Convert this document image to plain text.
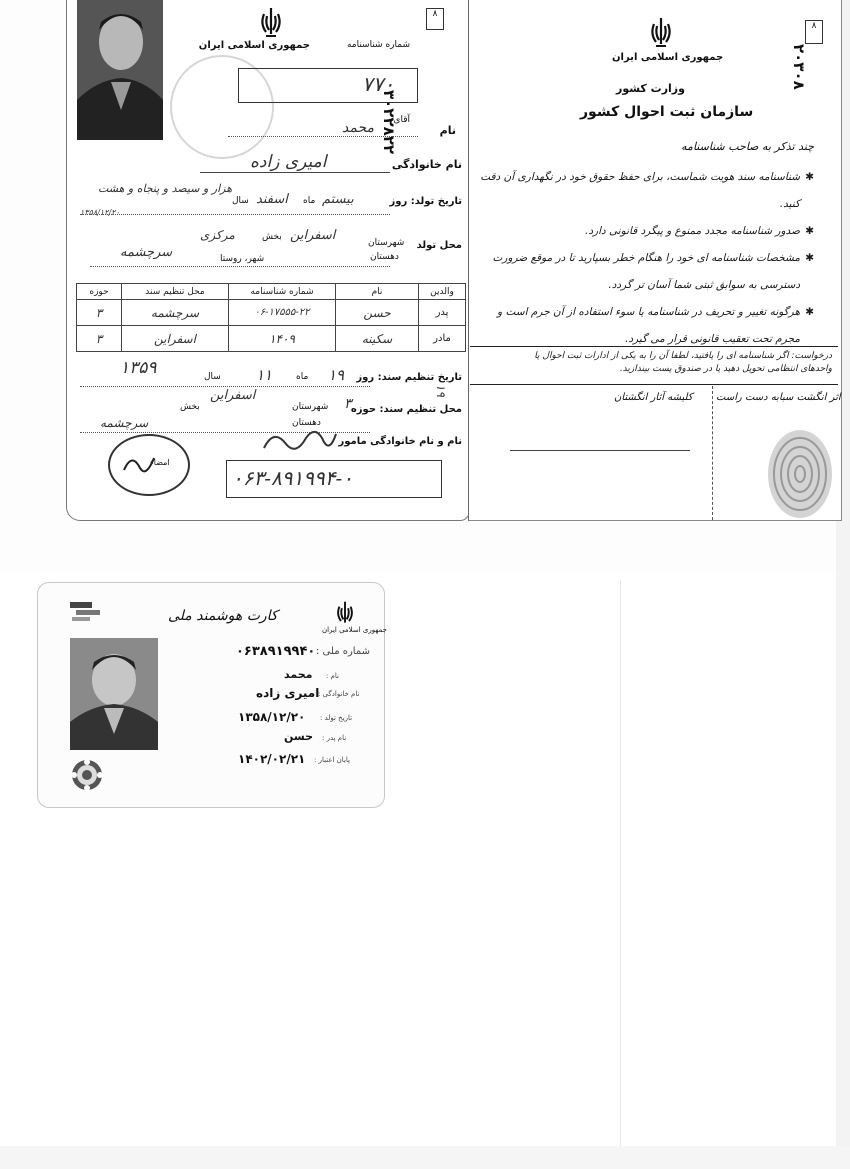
جمهوری اسلامی ایران	شماره شناسنامه
۳۰۲۲۸۲۲
۸
۷۷۰
آقای
نام
محمد
نام خانوادگی
امیری زاده
تاریخ تولد: روز
بیستم
ماه
اسفند
سال
هزار و سیصد و پنجاه و هشت
۱۳۵۸/۱۲/۲۰
محل تولد
شهرستان
اسفراین
بخش
مرکزی
دهستان
سرچشمه	شهر، روستا
والدین	نام	شماره شناسنامه	محل تنظیم سند	حوزه
پدر	حسن	۰۶-۱۷۵۵۵-۲۲	سرچشمه	۳
مادر	سکینه	۱۴۰۹	اسفراین	۳
تاریخ تنظیم سند: روز
۱۹
ماه
۱۱
سال
۱۳۵۹
محل تنظیم سند: حوزه
۳
شهرستان
اسفراین
بخش
دهستان
سرچشمه
نام و نام خانوادگی مامور
۱۹
امضاء
۰۶۳-۸۹۱۹۹۴-۰
جمهوری اسلامی ایران
وزارت کشور
سازمان ثبت احوال کشور
۲۰۳۰۸
۸
چند تذکر به صاحب شناسنامه
✱
شناسنامه سند هویت شماست، برای حفظ حقوق خود در نگهداری آن دقت کنید.
✱
صدور شناسنامه مجدد ممنوع و پیگرد قانونی دارد.
✱
مشخصات شناسنامه ای خود را هنگام خطر بسپارید تا در موقع ضرورت دسترسی به سوابق ثبتی شما آسان تر گردد.
✱
هرگونه تغییر و تحریف در شناسنامه یا سوء استفاده از آن جرم است و مجرم تحت تعقیب قانونی قرار می گیرد.
درخواست: اگر شناسنامه ای را یافتید، لطفا آن را به یکی از ادارات ثبت احوال یا واحدهای انتظامی تحویل دهید یا در صندوق پست بیندازید.
کلیشه آثار انگشتان اثر انگشت سبابه دست راست
جمهوری اسلامی ایران
کارت هوشمند ملی
شماره ملی :
۰۶۳۸۹۱۹۹۴۰
نام :
محمد
نام خانوادگی :
امیری زاده
تاریخ تولد :
۱۳۵۸/۱۲/۲۰
نام پدر :
حسن
پایان اعتبار :
۱۴۰۲/۰۲/۲۱
